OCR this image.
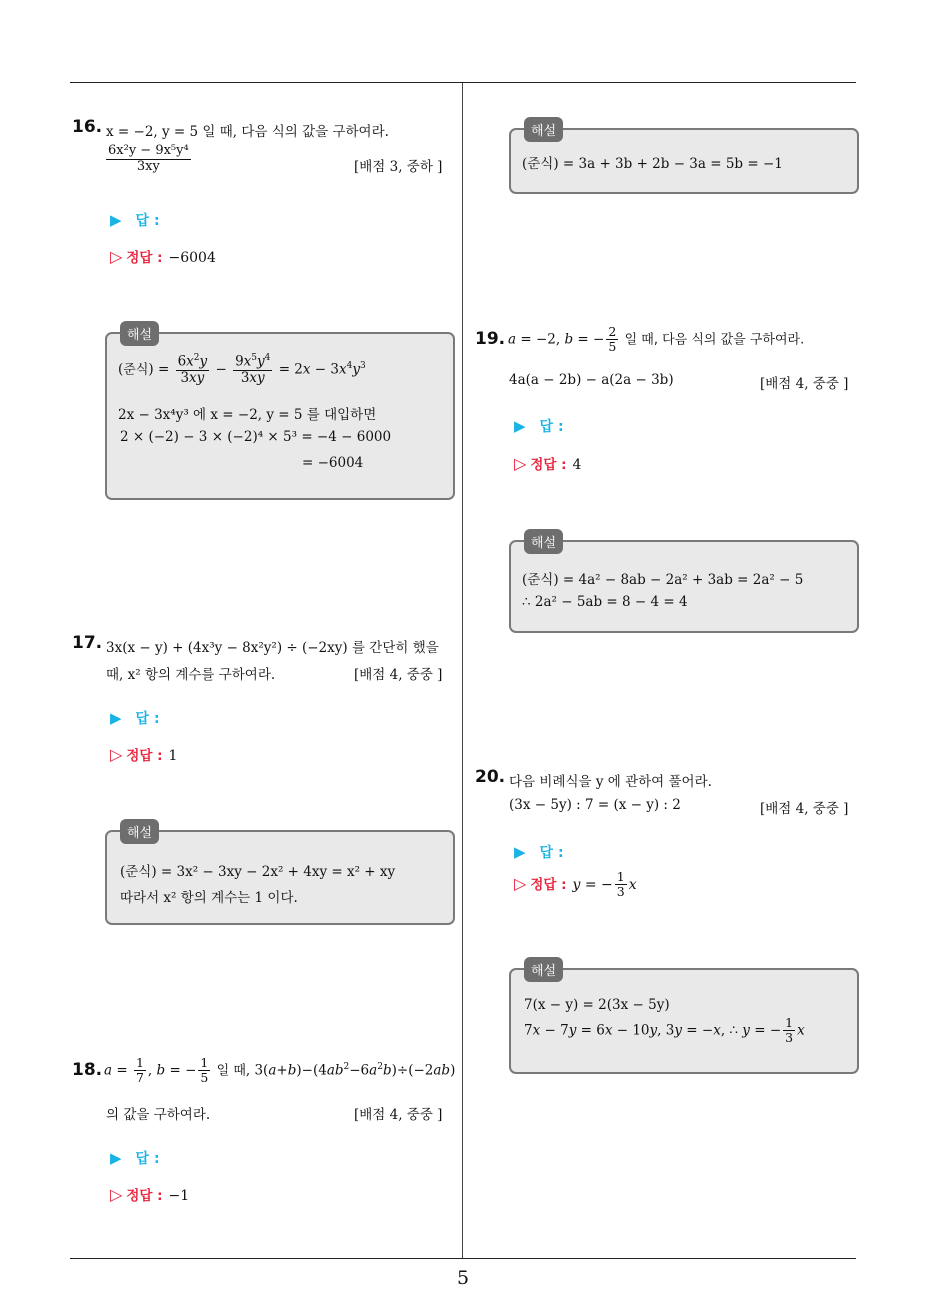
5
16. x = −2, y = 5 일 때, 다음 식의 값을 구하여라.
$\frac{\text{6x²y − 9x⁵y⁴}}{3xy}$	[배점 3, 중하 ]
▶ 답 :
▷ 정답 : −6004
해설
(준식) = $\frac{6x^2y}{3xy} - \frac{9x^5y^4}{3xy} = 2x - 3x^4y^3$
2x − 3x⁴y³ 에 x = −2, y = 5 를 대입하면
2 × (−2) − 3 × (−2)⁴ × 5³ = −4 − 6000
= −6004
17. 3x(x − y) + (4x³y − 8x²y²) ÷ (−2xy) 를 간단히 했을
때, x² 항의 계수를 구하여라.	[배점 4, 중중 ]
▶ 답 :
▷ 정답 : 1
해설
(준식) = 3x² − 3xy − 2x² + 4xy = x² + xy
따라서 x² 항의 계수는 1 이다.
18. $a = \frac{1}{7}$ , b = − $\frac{1}{5}$ 일 때, $3(a+b)-(4ab^2-6a^2b)\div(-2ab)$
의 값을 구하여라.	[배점 4, 중중 ]
▶ 답 :
▷ 정답 : −1
해설
(준식) = 3a + 3b + 2b − 3a = 5b = −1
19. a = −2, b = − $\frac{2}{5}$ 일 때, 다음 식의 값을 구하여라.
4a(a − 2b) − a(2a − 3b)	[배점 4, 중중 ]
▶ 답 :
▷ 정답 : 4
해설
(준식) = 4a² − 8ab − 2a² + 3ab = 2a² − 5
∴ 2a² − 5ab = 8 − 4 = 4
20. 다음 비례식을 y 에 관하여 풀어라.
(3x − 5y) : 7 = (x − y) : 2	[배점 4, 중중 ]
▶ 답 :
▷ 정답 : y = − $\frac{1}{3}$ x
해설
7(x − y) = 2(3x − 5y)
7x − 7y = 6x − 10y, 3y = −x, ∴ y = − $\frac{1}{3}$ x
